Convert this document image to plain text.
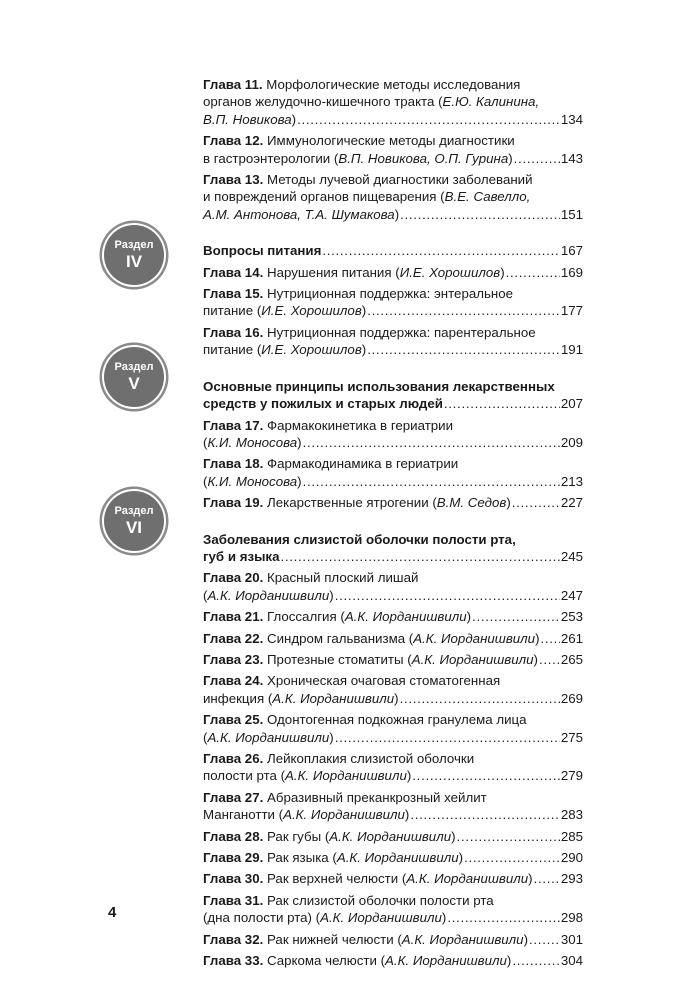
Раздел
IV
Раздел
V
Раздел
VI
Глава 11. Морфологические методы исследования
органов желудочно-кишечного тракта (Е.Ю. Калинина,
В.П. Новикова) . . .	134
Глава 12. Иммунологические методы диагностики
в гастроэнтерологии (В.П. Новикова, О.П. Гурина) . . .	143
Глава 13. Методы лучевой диагностики заболеваний
и повреждений органов пищеварения (В.Е. Савелло,
А.М. Антонова, Т.А. Шумакова) . . .	151
Вопросы питания . . .	167
Глава 14. Нарушения питания (И.Е. Хорошилов) . . .	169
Глава 15. Нутриционная поддержка: энтеральное
питание (И.Е. Хорошилов) . . .	177
Глава 16. Нутриционная поддержка: парентеральное
питание (И.Е. Хорошилов) . . .	191
Основные принципы использования лекарственных
средств у пожилых и старых людей . . .	207
Глава 17. Фармакокинетика в гериатрии
(К.И. Моносова) . . .	209
Глава 18. Фармакодинамика в гериатрии
(К.И. Моносова) . . .	213
Глава 19. Лекарственные ятрогении (В.М. Седов) . . .	227
Заболевания слизистой оболочки полости рта,
губ и языка . . .	245
Глава 20. Красный плоский лишай
(А.К. Иорданишвили) . . .	247
Глава 21. Глоссалгия (А.К. Иорданишвили) . . .	253
Глава 22. Синдром гальванизма (А.К. Иорданишвили) . . . 261
Глава 23. Протезные стоматиты (А.К. Иорданишвили) . . . 265
Глава 24. Хроническая очаговая стоматогенная
инфекция (А.К. Иорданишвили) . . .	269
Глава 25. Одонтогенная подкожная гранулема лица
(А.К. Иорданишвили) . . .	275
Глава 26. Лейкоплакия слизистой оболочки
полости рта (А.К. Иорданишвили) . . .	279
Глава 27. Абразивный преканкрозный хейлит
Манганотти (А.К. Иорданишвили) . . .	283
Глава 28. Рак губы (А.К. Иорданишвили) . . .	285
Глава 29. Рак языка (А.К. Иорданишвили) . . .	290
Глава 30. Рак верхней челюсти (А.К. Иорданишвили) . . . 293
Глава 31. Рак слизистой оболочки полости рта
(дна полости рта) (А.К. Иорданишвили) . . .	298
Глава 32. Рак нижней челюсти (А.К. Иорданишвили) . . . 301
Глава 33. Саркома челюсти (А.К. Иорданишвили) . . .	304
4
